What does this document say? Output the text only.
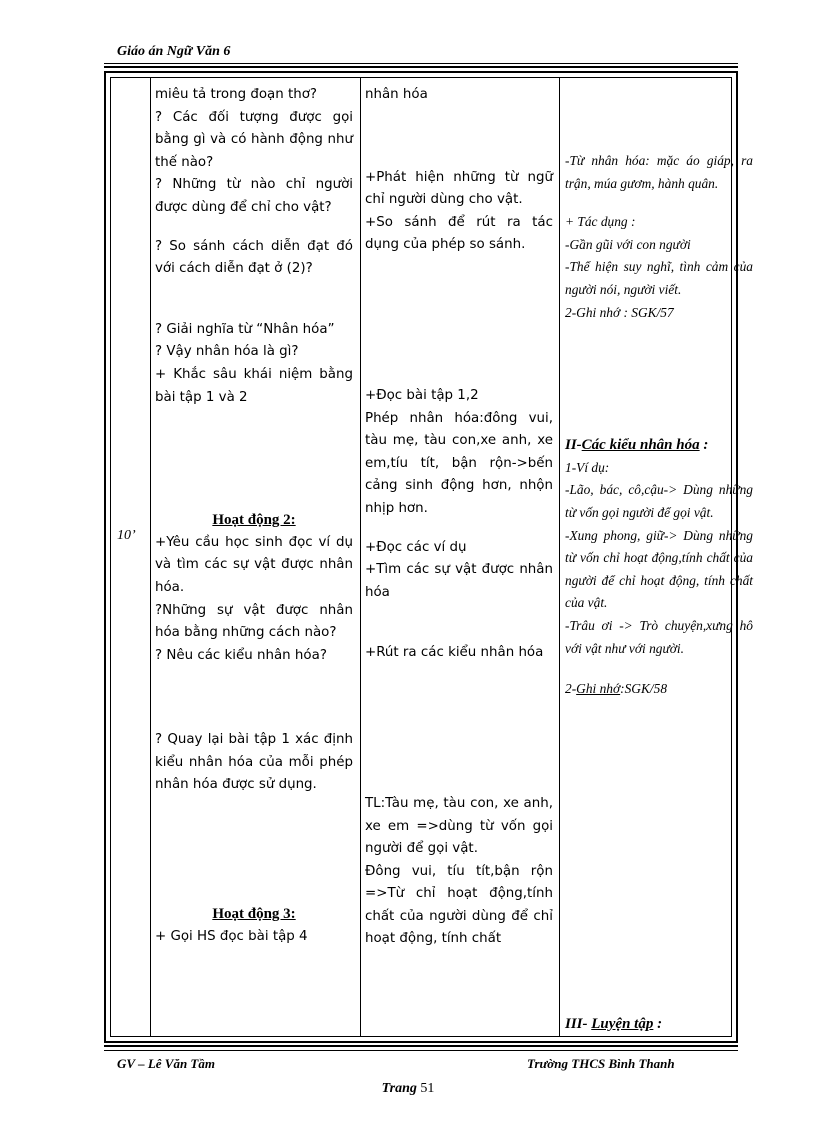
Giáo án Ngữ Văn 6
10’

miêu tả trong đoạn thơ?

? Các đối tượng được gọi bằng gì và có hành động như thế nào?

? Những từ nào chỉ người được dùng để chỉ cho vật?

? So sánh cách diễn đạt đó với cách diễn đạt ở (2)?

? Giải nghĩa từ “Nhân hóa”

? Vậy nhân hóa là gì?

+ Khắc sâu khái niệm bằng bài tập 1 và 2

Hoạt động 2:

+Yêu cầu học sinh đọc ví dụ và tìm các sự vật được nhân hóa.

?Những sự vật được nhân hóa bằng những cách nào?

? Nêu các kiểu nhân hóa?

? Quay lại bài tập 1 xác định kiểu nhân hóa của mỗi phép nhân hóa được sử dụng.

Hoạt động 3:

+ Gọi HS đọc bài tập 4

nhân hóa

+Phát hiện những từ ngữ chỉ người dùng cho vật.

+So sánh để rút ra tác dụng của phép so sánh.

+Đọc bài tập 1,2

Phép nhân hóa:đông vui, tàu mẹ, tàu con,xe anh, xe em,tíu tít, bận rộn->bến cảng sinh động hơn, nhộn nhịp hơn.

+Đọc các ví dụ

+Tìm các sự vật được nhân hóa

+Rút ra các kiểu nhân hóa

TL:Tàu mẹ, tàu con, xe anh, xe em =>dùng từ vốn gọi người để gọi vật.

Đông vui, tíu tít,bận rộn =>Từ chỉ hoạt động,tính chất của người dùng để chỉ hoạt động, tính chất

-Từ nhân hóa: mặc áo giáp, ra trận, múa gươm, hành quân.

+ Tác dụng :

-Gần gũi với con người

-Thể hiện suy nghĩ, tình cảm của người nói, người viết.

2-Ghi nhớ : SGK/57

II-Các kiểu nhân hóa :

1-Ví dụ:

-Lão, bác, cô,cậu-> Dùng những từ vốn gọi người để gọi vật.

-Xung phong, giữ-> Dùng những từ vốn chỉ hoạt động,tính chất của người để chỉ hoạt động, tính chất của vật.

-Trâu ơi -> Trò chuyện,xưng hô với vật như với người.

2-Ghi nhớ:SGK/58
III- Luyện tập :
GV – Lê Văn Tầm	Trường THCS Bình Thanh
Trang 51
